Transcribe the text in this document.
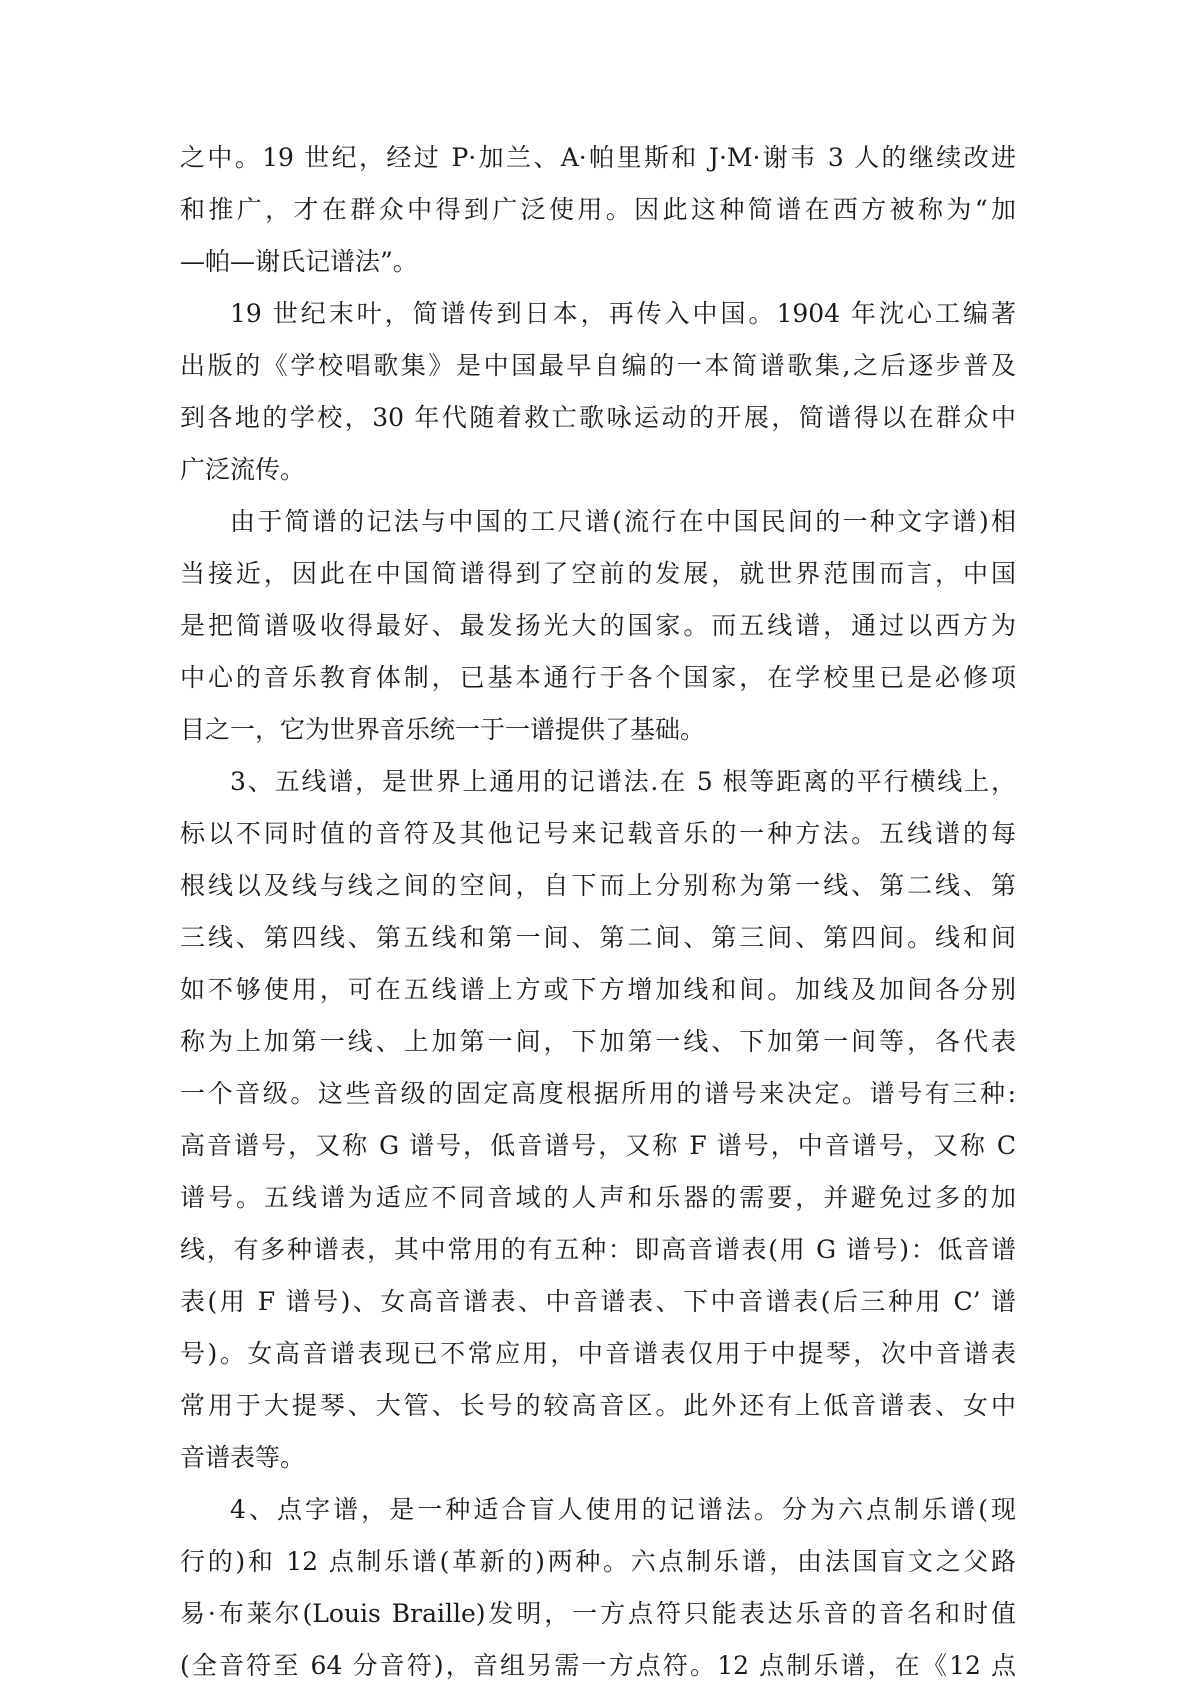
之中。19 世纪，经过 P·加兰、A·帕里斯和 J·M·谢韦 3 人的继续改进
和推广，才在群众中得到广泛使用。因此这种简谱在西方被称为“加
—帕—谢氏记谱法”。
19 世纪末叶，简谱传到日本，再传入中国。1904 年沈心工编著
出版的《学校唱歌集》是中国最早自编的一本简谱歌集,之后逐步普及
到各地的学校，30 年代随着救亡歌咏运动的开展，简谱得以在群众中
广泛流传。
由于简谱的记法与中国的工尺谱(流行在中国民间的一种文字谱)相
当接近，因此在中国简谱得到了空前的发展，就世界范围而言，中国
是把简谱吸收得最好、最发扬光大的国家。而五线谱，通过以西方为
中心的音乐教育体制，已基本通行于各个国家，在学校里已是必修项
目之一，它为世界音乐统一于一谱提供了基础。
3、五线谱，是世界上通用的记谱法.在 5 根等距离的平行横线上，
标以不同时值的音符及其他记号来记载音乐的一种方法。五线谱的每
根线以及线与线之间的空间，自下而上分别称为第一线、第二线、第
三线、第四线、第五线和第一间、第二间、第三间、第四间。线和间
如不够使用，可在五线谱上方或下方增加线和间。加线及加间各分别
称为上加第一线、上加第一间，下加第一线、下加第一间等，各代表
一个音级。这些音级的固定高度根据所用的谱号来决定。谱号有三种:
高音谱号，又称 G 谱号，低音谱号，又称 F 谱号，中音谱号，又称 C
谱号。五线谱为适应不同音域的人声和乐器的需要，并避免过多的加
线，有多种谱表，其中常用的有五种：即高音谱表(用 G 谱号)：低音谱
表(用 F 谱号)、女高音谱表、中音谱表、下中音谱表(后三种用 C’ 谱
号)。女高音谱表现已不常应用，中音谱表仅用于中提琴，次中音谱表
常用于大提琴、大管、长号的较高音区。此外还有上低音谱表、女中
音谱表等。
4、点字谱，是一种适合盲人使用的记谱法。分为六点制乐谱(现
行的)和 12 点制乐谱(革新的)两种。六点制乐谱，由法国盲文之父路
易·布莱尔(Louis Braille)发明，一方点符只能表达乐音的音名和时值
(全音符至 64 分音符)，音组另需一方点符。12 点制乐谱，在《12 点
